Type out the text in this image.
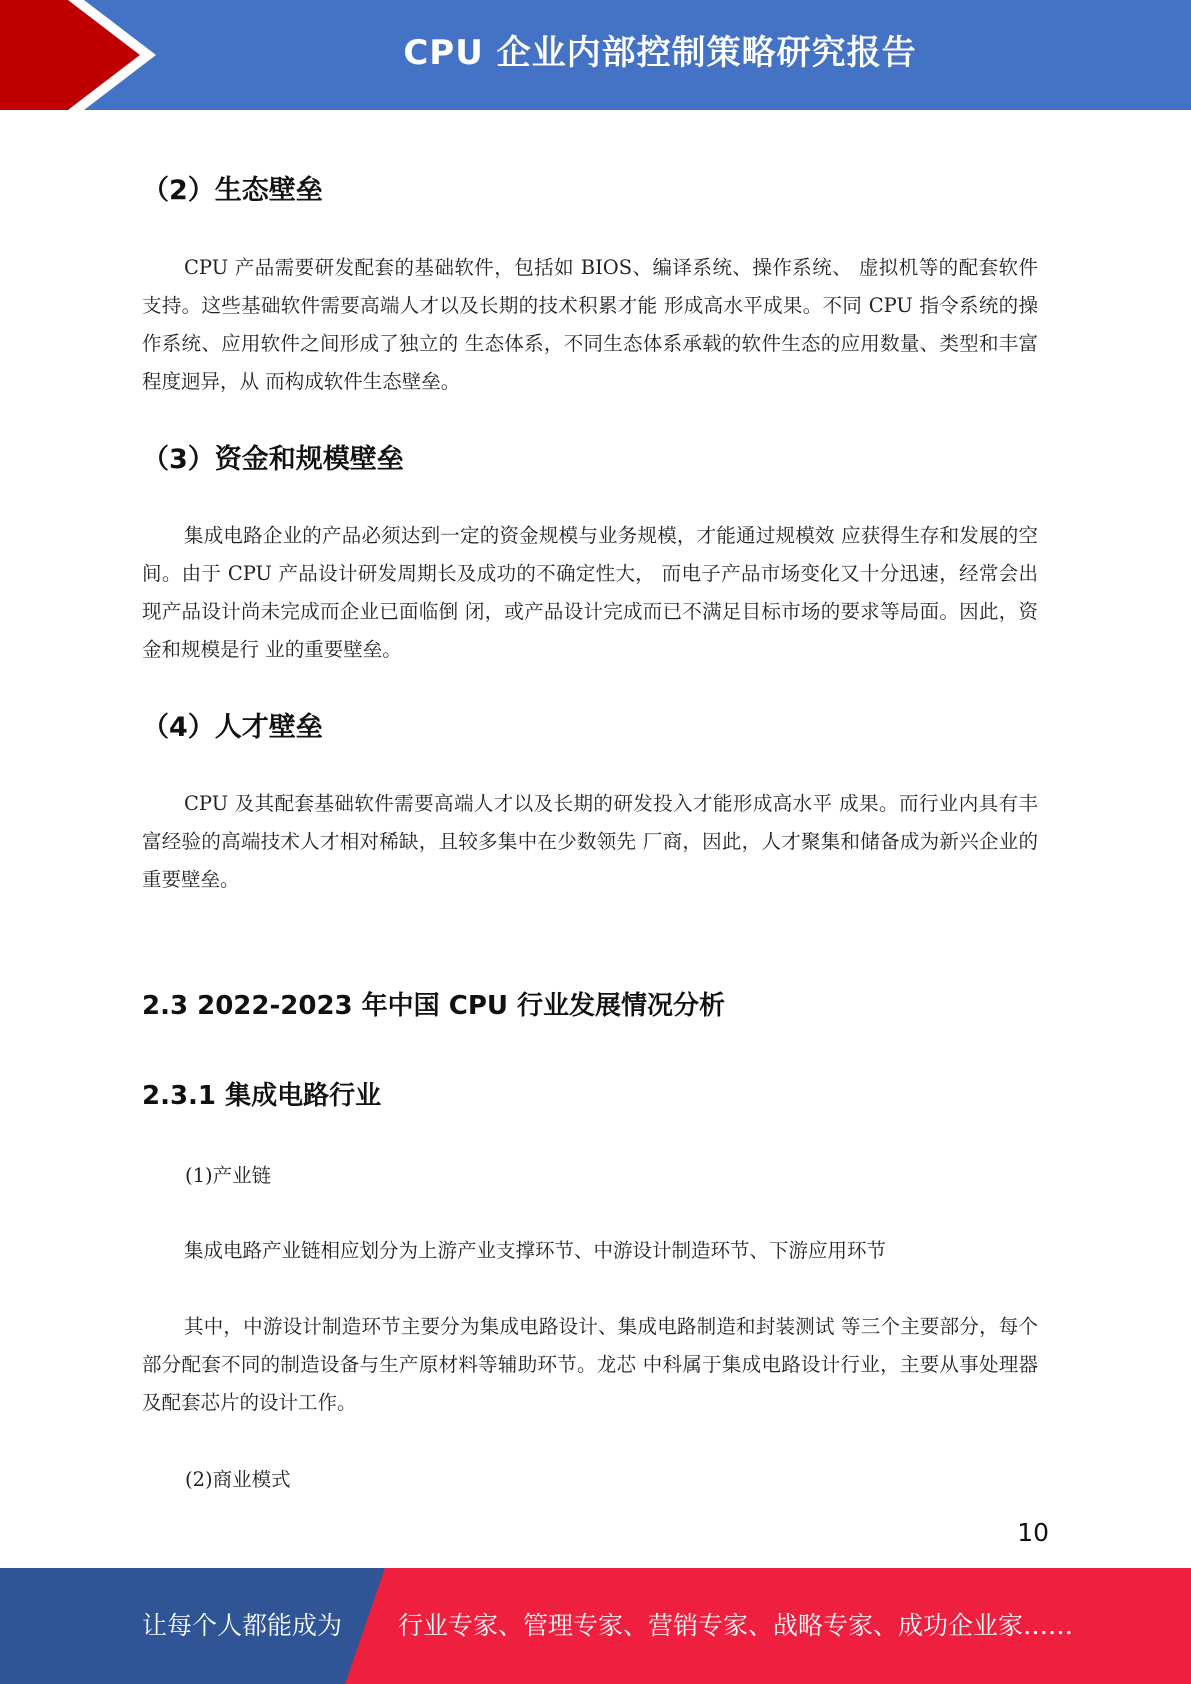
CPU 企业内部控制策略研究报告
（2）生态壁垒
CPU 产品需要研发配套的基础软件，包括如 BIOS、编译系统、操作系统、 虚拟机等的配套软件支持。这些基础软件需要高端人才以及长期的技术积累才能 形成高水平成果。不同 CPU 指令系统的操作系统、应用软件之间形成了独立的 生态体系，不同生态体系承载的软件生态的应用数量、类型和丰富程度迥异，从 而构成软件生态壁垒。
（3）资金和规模壁垒
集成电路企业的产品必须达到一定的资金规模与业务规模，才能通过规模效 应获得生存和发展的空间。由于 CPU 产品设计研发周期长及成功的不确定性大， 而电子产品市场变化又十分迅速，经常会出现产品设计尚未完成而企业已面临倒 闭，或产品设计完成而已不满足目标市场的要求等局面。因此，资金和规模是行 业的重要壁垒。
（4）人才壁垒
CPU 及其配套基础软件需要高端人才以及长期的研发投入才能形成高水平 成果。而行业内具有丰富经验的高端技术人才相对稀缺，且较多集中在少数领先 厂商，因此，人才聚集和储备成为新兴企业的重要壁垒。
2.3 2022-2023 年中国 CPU 行业发展情况分析
2.3.1 集成电路行业
(1)产业链
集成电路产业链相应划分为上游产业支撑环节、中游设计制造环节、下游应用环节
其中，中游设计制造环节主要分为集成电路设计、集成电路制造和封装测试 等三个主要部分，每个部分配套不同的制造设备与生产原材料等辅助环节。龙芯 中科属于集成电路设计行业，主要从事处理器及配套芯片的设计工作。
(2)商业模式
10
让每个人都能成为 行业专家、管理专家、营销专家、战略专家、成功企业家……
